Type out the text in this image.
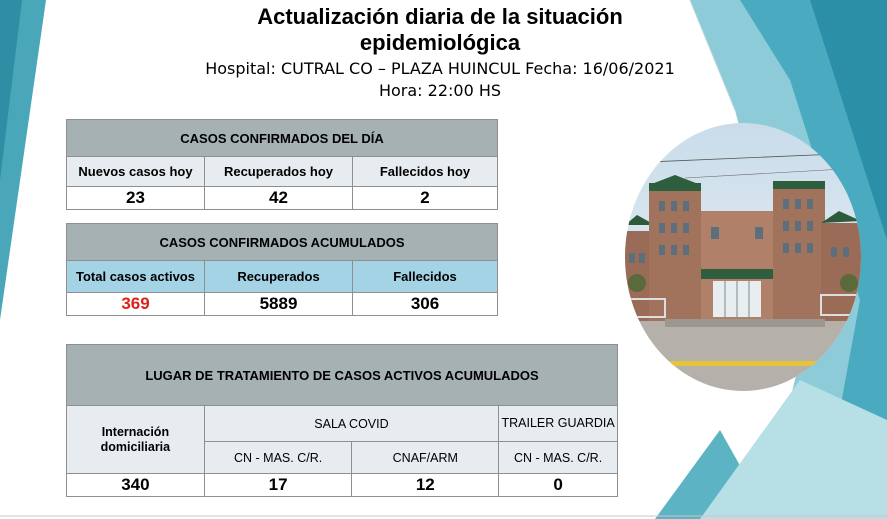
Actualización diaria de la situación
epidemiológica
Hospital: CUTRAL CO – PLAZA HUINCUL Fecha: 16/06/2021
Hora: 22:00 HS
CASOS CONFIRMADOS DEL DÍA		
Nuevos casos hoy	Recuperados hoy	Fallecidos hoy
23	42	2
CASOS CONFIRMADOS ACUMULADOS		
Total casos activos	Recuperados	Fallecidos
369	5889	306
LUGAR DE TRATAMIENTO DE CASOS ACTIVOS ACUMULADOS			
Internación domiciliaria	SALA COVID		TRAILER GUARDIA
	CN - MAS. C/R.	CNAF/ARM	CN - MAS. C/R.
340	17	12	0
